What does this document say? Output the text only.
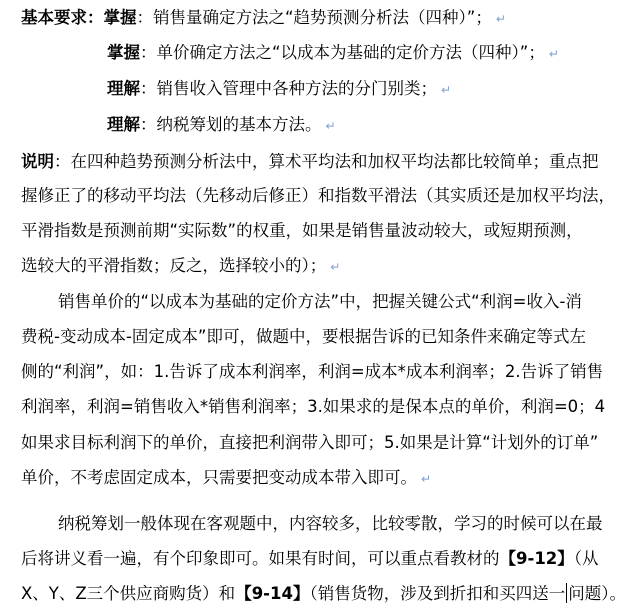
基本要求：掌握：销售量确定方法之“趋势预测分析法（四种）”； ↵
掌握：单价确定方法之“以成本为基础的定价方法（四种）”； ↵
理解：销售收入管理中各种方法的分门别类； ↵
理解：纳税筹划的基本方法。 ↵
说明：在四种趋势预测分析法中，算术平均法和加权平均法都比较简单；重点把
握修正了的移动平均法（先移动后修正）和指数平滑法（其实质还是加权平均法，
平滑指数是预测前期“实际数”的权重，如果是销售量波动较大，或短期预测，
选较大的平滑指数；反之，选择较小的）； ↵
销售单价的“以成本为基础的定价方法”中，把握关键公式“利润=收入-消
费税-变动成本-固定成本”即可，做题中，要根据告诉的已知条件来确定等式左
侧的“利润”，如：1.告诉了成本利润率，利润=成本*成本利润率；2.告诉了销售
利润率，利润=销售收入*销售利润率；3.如果求的是保本点的单价，利润=0；4
如果求目标利润下的单价，直接把利润带入即可；5.如果是计算“计划外的订单”
单价，不考虑固定成本，只需要把变动成本带入即可。 ↵
纳税筹划一般体现在客观题中，内容较多，比较零散，学习的时候可以在最
后将讲义看一遍，有个印象即可。如果有时间，可以重点看教材的【9-12】（从
X、Y、Z三个供应商购货）和【9-14】（销售货物，涉及到折扣和买四送一 问题）。
